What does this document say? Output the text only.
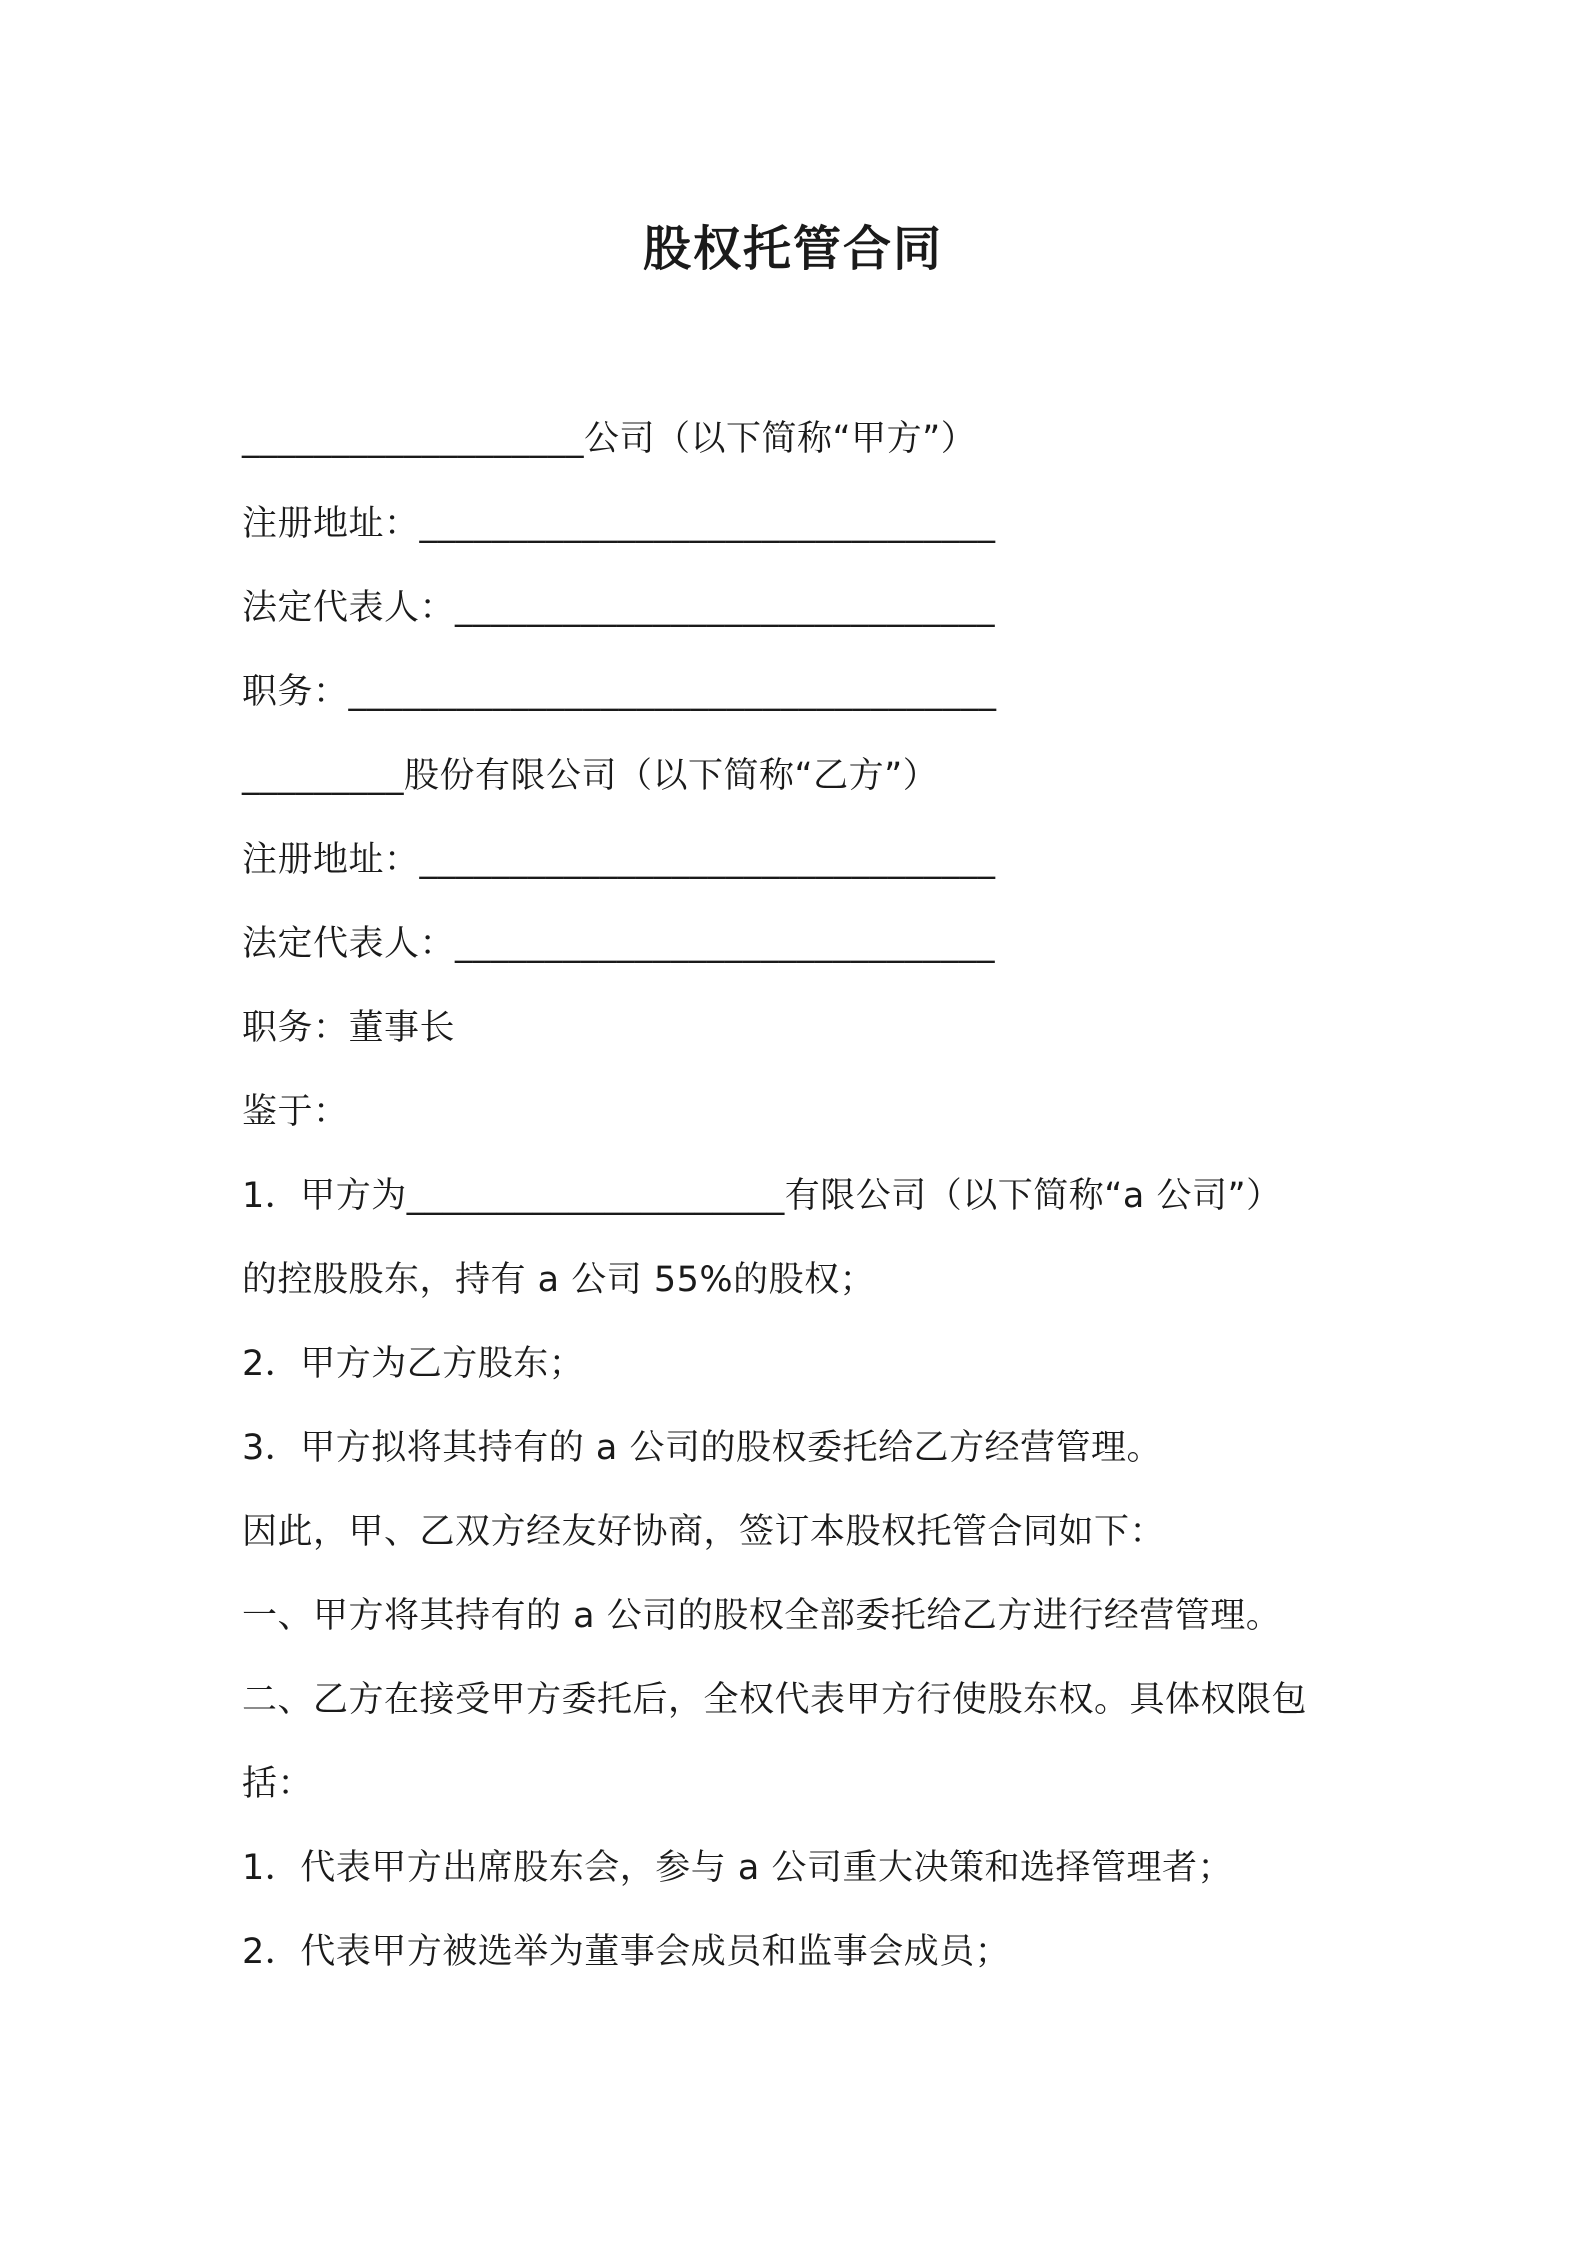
股权托管合同
___________________公司（以下简称“甲方”）
注册地址：________________________________
法定代表人：______________________________
职务：____________________________________
_________股份有限公司（以下简称“乙方”）
注册地址：________________________________
法定代表人：______________________________
职务：董事长
鉴于：
1．甲方为_____________________有限公司（以下简称“a 公司”）
的控股股东，持有 a 公司 55%的股权；
2．甲方为乙方股东；
3．甲方拟将其持有的 a 公司的股权委托给乙方经营管理。
因此，甲、乙双方经友好协商，签订本股权托管合同如下：
一、甲方将其持有的 a 公司的股权全部委托给乙方进行经营管理。
二、乙方在接受甲方委托后，全权代表甲方行使股东权。具体权限包
括：
1．代表甲方出席股东会，参与 a 公司重大决策和选择管理者；
2．代表甲方被选举为董事会成员和监事会成员；
